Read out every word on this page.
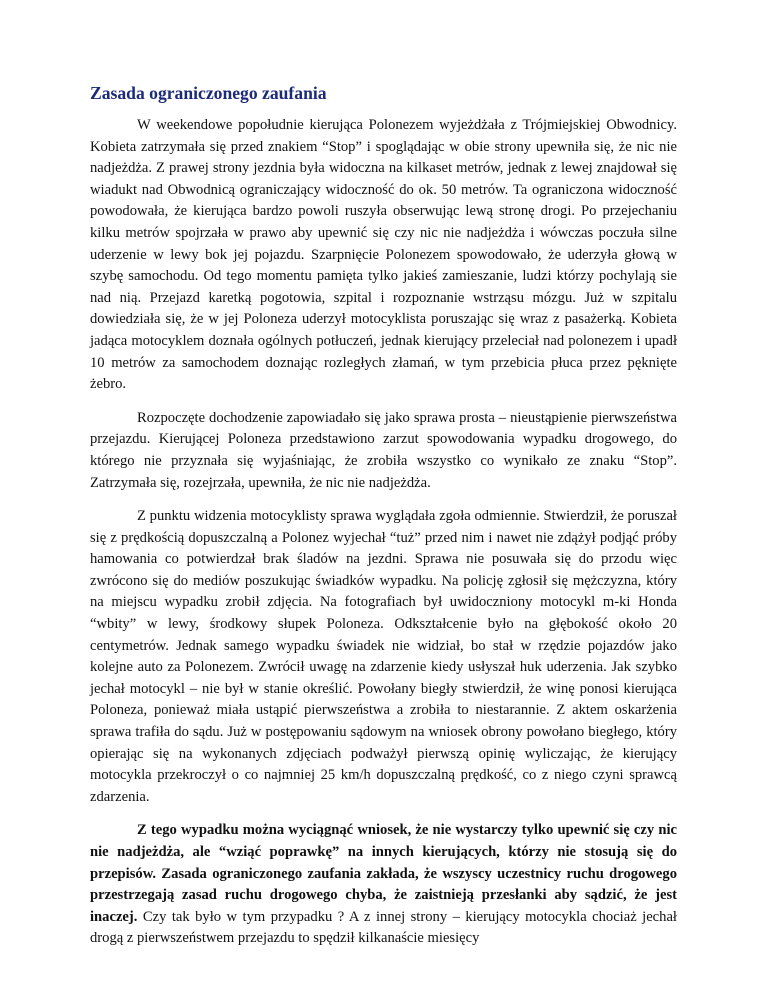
Zasada ograniczonego zaufania

W weekendowe popołudnie kierująca Polonezem wyjeżdżała z Trójmiejskiej Obwodnicy. Kobieta zatrzymała się przed znakiem “Stop” i spoglądając w obie strony upewniła się, że nic nie nadjeżdża. Z prawej strony jezdnia była widoczna na kilkaset metrów, jednak z lewej znajdował się wiadukt nad Obwodnicą ograniczający widoczność do ok. 50 metrów. Ta ograniczona widoczność powodowała, że kierująca bardzo powoli ruszyła obserwując lewą stronę drogi. Po przejechaniu kilku metrów spojrzała w prawo aby upewnić się czy nic nie nadjeżdża i wówczas poczuła silne uderzenie w lewy bok jej pojazdu. Szarpnięcie Polonezem spowodowało, że uderzyła głową w szybę samochodu. Od tego momentu pamięta tylko jakieś zamieszanie, ludzi którzy pochylają sie nad nią. Przejazd karetką pogotowia, szpital i rozpoznanie wstrząsu mózgu. Już w szpitalu dowiedziała się, że w jej Poloneza uderzył motocyklista poruszając się wraz z pasażerką. Kobieta jadąca motocyklem doznała ogólnych potłuczeń, jednak kierujący przeleciał nad polonezem i upadł 10 metrów za samochodem doznając rozległych złamań, w tym przebicia płuca przez pęknięte żebro.

Rozpoczęte dochodzenie zapowiadało się jako sprawa prosta – nieustąpienie pierwszeństwa przejazdu. Kierującej Poloneza przedstawiono zarzut spowodowania wypadku drogowego, do którego nie przyznała się wyjaśniając, że zrobiła wszystko co wynikało ze znaku “Stop”. Zatrzymała się, rozejrzała, upewniła, że nic nie nadjeżdża.

Z punktu widzenia motocyklisty sprawa wyglądała zgoła odmiennie. Stwierdził, że poruszał się z prędkością dopuszczalną a Polonez wyjechał “tuż” przed nim i nawet nie zdążył podjąć próby hamowania co potwierdzał brak śladów na jezdni. Sprawa nie posuwała się do przodu więc zwrócono się do mediów poszukując świadków wypadku. Na policję zgłosił się mężczyzna, który na miejscu wypadku zrobił zdjęcia. Na fotografiach był uwidoczniony motocykl m-ki Honda “wbity” w lewy, środkowy słupek Poloneza. Odkształcenie było na głębokość około 20 centymetrów. Jednak samego wypadku świadek nie widział, bo stał w rzędzie pojazdów jako kolejne auto za Polonezem. Zwrócił uwagę na zdarzenie kiedy usłyszał huk uderzenia. Jak szybko jechał motocykl – nie był w stanie określić. Powołany biegły stwierdził, że winę ponosi kierująca Poloneza, ponieważ miała ustąpić pierwszeństwa a zrobiła to niestarannie. Z aktem oskarżenia sprawa trafiła do sądu. Już w postępowaniu sądowym na wniosek obrony powołano biegłego, który opierając się na wykonanych zdjęciach podważył pierwszą opinię wyliczając, że kierujący motocykla przekroczył o co najmniej 25 km/h dopuszczalną prędkość, co z niego czyni sprawcą zdarzenia.

Z tego wypadku można wyciągnąć wniosek, że nie wystarczy tylko upewnić się czy nic nie nadjeżdża, ale “wziąć poprawkę” na innych kierujących, którzy nie stosują się do przepisów. Zasada ograniczonego zaufania zakłada, że wszyscy uczestnicy ruchu drogowego przestrzegają zasad ruchu drogowego chyba, że zaistnieją przesłanki aby sądzić, że jest inaczej. Czy tak było w tym przypadku ? A z innej strony – kierujący motocykla chociaż jechał drogą z pierwszeństwem przejazdu to spędził kilkanaście miesięcy
